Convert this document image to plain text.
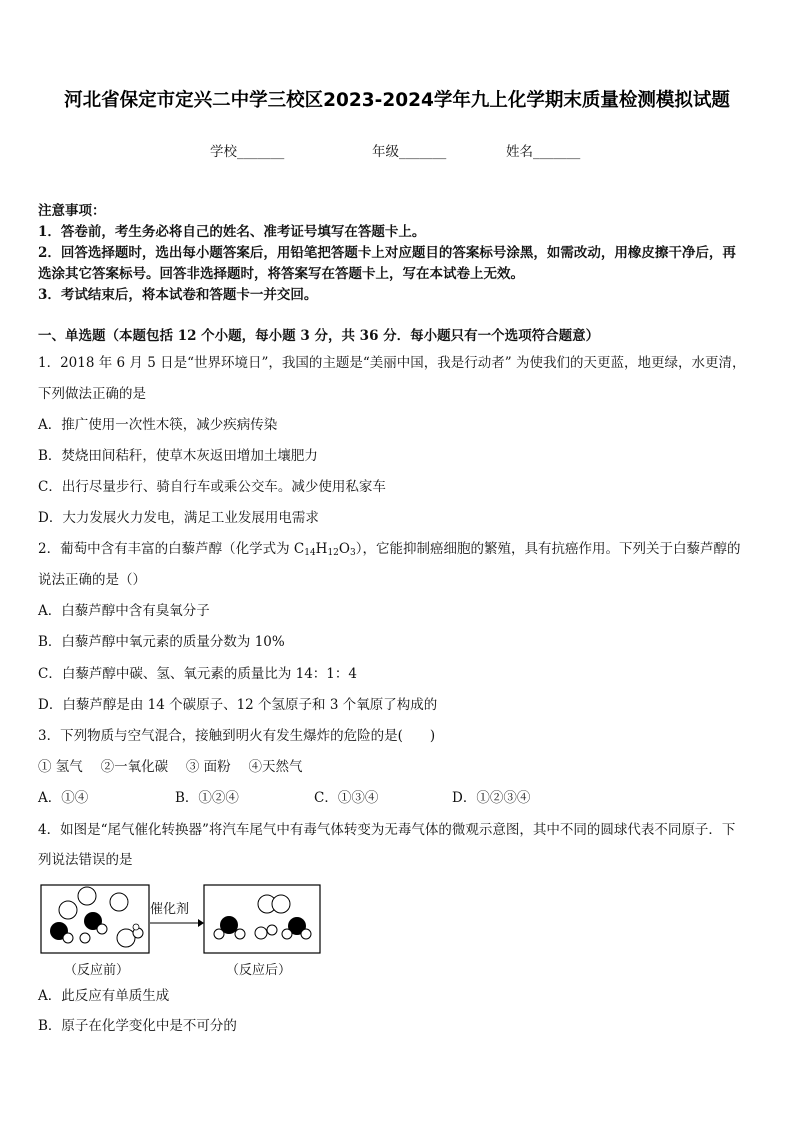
河北省保定市定兴二中学三校区2023-2024学年九上化学期末质量检测模拟试题
学校_______	年级_______	姓名_______
注意事项：
1．答卷前，考生务必将自己的姓名、准考证号填写在答题卡上。
2．回答选择题时，选出每小题答案后，用铅笔把答题卡上对应题目的答案标号涂黑，如需改动，用橡皮擦干净后，再
选涂其它答案标号。回答非选择题时，将答案写在答题卡上，写在本试卷上无效。
3．考试结束后，将本试卷和答题卡一并交回。
一、单选题（本题包括 12 个小题，每小题 3 分，共 36 分．每小题只有一个选项符合题意）
1．2018 年 6 月 5 日是“世界环境日”，我国的主题是“美丽中国，我是行动者” 为使我们的天更蓝，地更绿，水更清，
下列做法正确的是
A．推广使用一次性木筷，减少疾病传染
B．焚烧田间秸秆，使草木灰返田增加土壤肥力
C．出行尽量步行、骑自行车或乘公交车。减少使用私家车
D．大力发展火力发电，满足工业发展用电需求
2．葡萄中含有丰富的白藜芦醇（化学式为 $C_{14}H_{12}O_3$），它能抑制癌细胞的繁殖，具有抗癌作用。下列关于白藜芦醇的
说法正确的是（）
A．白藜芦醇中含有臭氧分子
B．白藜芦醇中氧元素的质量分数为 10%
C．白藜芦醇中碳、氢、氧元素的质量比为 14：1：4
D．白藜芦醇是由 14 个碳原子、12 个氢原子和 3 个氧原了构成的
3．下列物质与空气混合，接触到明火有发生爆炸的危险的是(　　)
① 氢气　 ②一氧化碳　 ③ 面粉　 ④天然气
A．①④	B．①②④	C．①③④	D．①②③④
4．如图是“尾气催化转换器”将汽车尾气中有毒气体转变为无毒气体的微观示意图，其中不同的圆球代表不同原子．下
列说法错误的是
催化剂
（反应前）	（反应后）
A．此反应有单质生成
B．原子在化学变化中是不可分的
